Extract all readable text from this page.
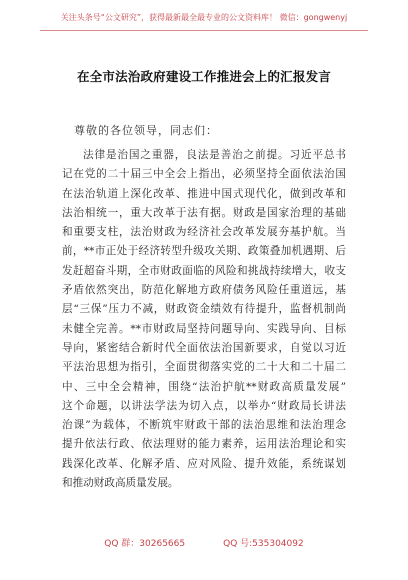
关注头条号“公文研究”，获得最新最全最专业的公文资料库！ 微信：gongwenyj
在全市法治政府建设工作推进会上的汇报发言
尊敬的各位领导，同志们：
法律是治国之重器，良法是善治之前提。习近平总书
记在党的二十届三中全会上指出，必须坚持全面依法治国
在法治轨道上深化改革、推进中国式现代化，做到改革和
法治相统一，重大改革于法有据。财政是国家治理的基础
和重要支柱，法治财政为经济社会改革发展夯基护航。当
前，**市正处于经济转型升级攻关期、政策叠加机遇期、后
发赶超奋斗期，全市财政面临的风险和挑战持续增大，收支
矛盾依然突出，防范化解地方政府债务风险任重道远，基
层“三保”压力不减，财政资金绩效有待提升，监督机制尚
未健全完善。**市财政局坚持问题导向、实践导向、目标
导向，紧密结合新时代全面依法治国新要求，自觉以习近
平法治思想为指引，全面贯彻落实党的二十大和二十届二
中、三中全会精神，围绕“法治护航**财政高质量发展”
这个命题，以讲法学法为切入点，以举办“财政局长讲法
治课”为载体，不断筑牢财政干部的法治思维和法治理念
提升依法行政、依法理财的能力素养，运用法治理论和实
践深化改革、化解矛盾、应对风险、提升效能，系统谋划
和推动财政高质量发展。
QQ 群：30265665	QQ 号:535304092
